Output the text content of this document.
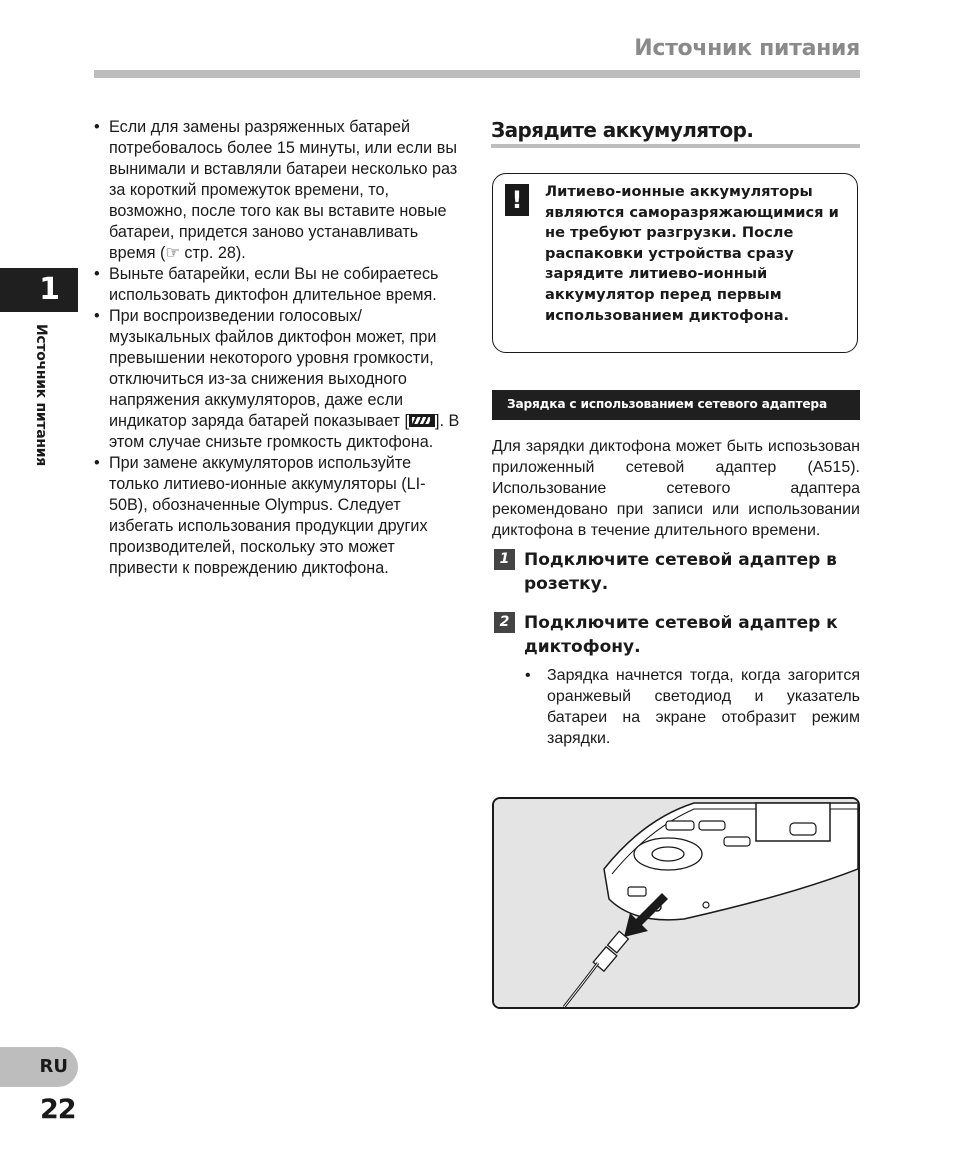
Источник питания
1
Источник питания
• Если для замены разряженных батарей потребовалось более 15 минуты, или если вы вынимали и вставляли батареи несколько раз за короткий промежуток времени, то, возможно, после того как вы вставите новые батареи, придется заново устанавливать время (☞ стр. 28).
• Выньте батарейки, если Вы не собираетесь использовать диктофон длительное время.
• При воспроизведении голосовых/ музыкальных файлов диктофон может, при превышении некоторого уровня громкости, отключиться из-за снижения выходного напряжения аккумуляторов, даже если индикатор заряда батарей показывает [ ]. В этом случае снизьте громкость диктофона.
• При замене аккумуляторов используйте только литиево-ионные аккумуляторы (LI-50B), обозначенные Olympus. Следует избегать использования продукции других производителей, поскольку это может привести к повреждению диктофона.
Зарядите аккумулятор.
!	Литиево-ионные аккумуляторы являются саморазряжающимися и не требуют разгрузки. После распаковки устройства сразу зарядите литиево-ионный аккумулятор перед первым использованием диктофона.
Зарядка с использованием сетевого адаптера
Для зарядки диктофона может быть испозьзован приложенный сетевой адаптер (A515). Использование сетевого адаптера рекомендовано при записи или использовании диктофона в течение длительного времени.
1 Подключите сетевой адаптер в розетку.
2 Подключите сетевой адаптер к диктофону.
•	Зарядка начнется тогда, когда загорится оранжевый светодиод и указатель батареи на экране отобразит режим зарядки.
RU
22
